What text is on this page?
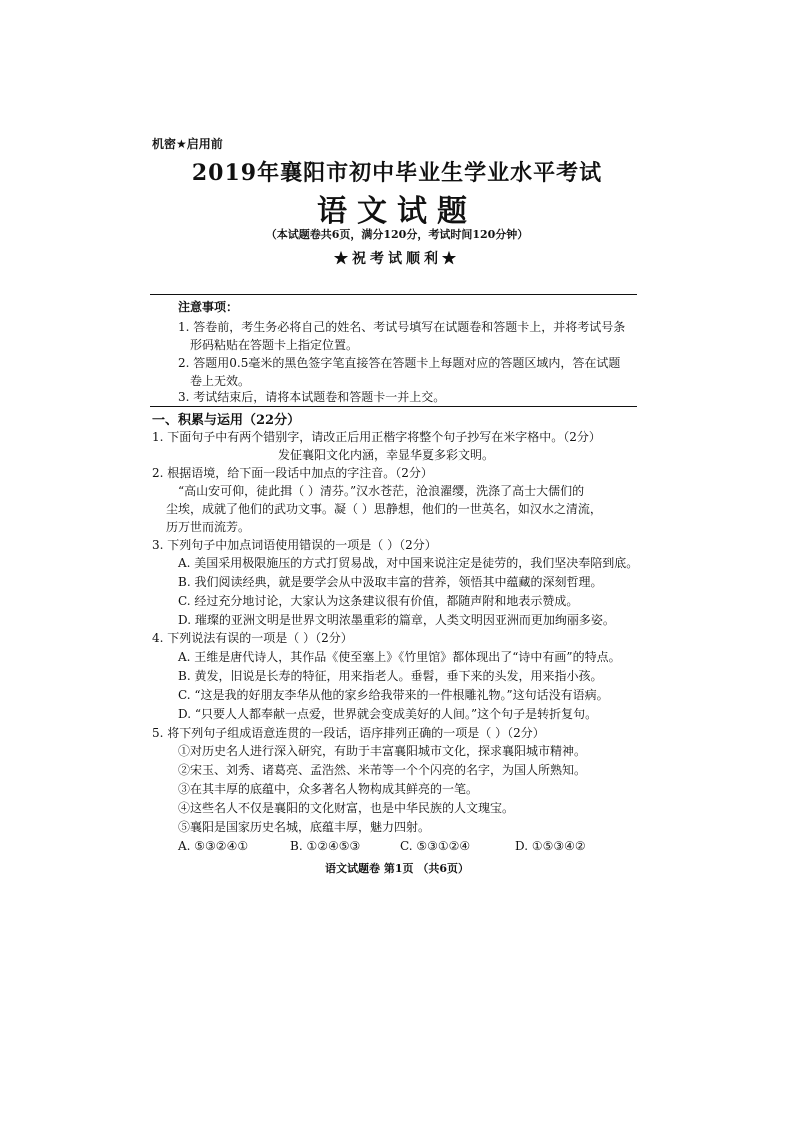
机密★启用前
2019年襄阳市初中毕业生学业水平考试
语文试题
（本试题卷共6页，满分120分，考试时间120分钟）
★祝考试顺利★
注意事项：
1. 答卷前，考生务必将自己的姓名、考试号填写在试题卷和答题卡上，并将考试号条
形码粘贴在答题卡上指定位置。
2. 答题用0.5毫米的黑色签字笔直接答在答题卡上每题对应的答题区域内，答在试题
卷上无效。
3. 考试结束后，请将本试题卷和答题卡一并上交。
一、积累与运用（22分）
1. 下面句子中有两个错别字，请改正后用正楷字将整个句子抄写在米字格中。（2分）
发佂襄阳文化内涵，幸显华夏多彩文明。
2. 根据语境，给下面一段话中加点的字注音。（2分）
“高山安可仰，徒此揖（ ）清芬。”汉水苍茫，沧浪濯缨，洗涤了高士大儒们的
尘埃，成就了他们的武功文事。凝（ ）思静想，他们的一世英名，如汉水之清流，
历万世而流芳。
3. 下列句子中加点词语使用错误的一项是（ ）（2分）
A. 美国采用极限施压的方式打贸易战，对中国来说注定是徒劳的，我们坚决奉陪到底。
B. 我们阅读经典，就是要学会从中汲取丰富的营养，领悟其中蕴藏的深刻哲理。
C. 经过充分地讨论，大家认为这条建议很有价值，都随声附和地表示赞成。
D. 璀璨的亚洲文明是世界文明浓墨重彩的篇章，人类文明因亚洲而更加绚丽多姿。
4. 下列说法有误的一项是（ ）（2分）
A. 王维是唐代诗人，其作品《使至塞上》《竹里馆》都体现出了“诗中有画”的特点。
B. 黄发，旧说是长寿的特征，用来指老人。垂髫，垂下来的头发，用来指小孩。
C. “这是我的好朋友李华从他的家乡给我带来的一件根雕礼物。”这句话没有语病。
D. “只要人人都奉献一点爱，世界就会变成美好的人间。”这个句子是转折复句。
5. 将下列句子组成语意连贯的一段话，语序排列正确的一项是（ ）（2分）
①对历史名人进行深入研究，有助于丰富襄阳城市文化，探求襄阳城市精神。
②宋玉、刘秀、诸葛亮、孟浩然、米芾等一个个闪亮的名字，为国人所熟知。
③在其丰厚的底蕴中，众多著名人物构成其鲜亮的一笔。
④这些名人不仅是襄阳的文化财富，也是中华民族的人文瑰宝。
⑤襄阳是国家历史名城，底蕴丰厚，魅力四射。
A. ⑤③②④①	B. ①②④⑤③	C. ⑤③①②④	D. ①⑤③④②
语文试题卷 第1页 （共6页）
